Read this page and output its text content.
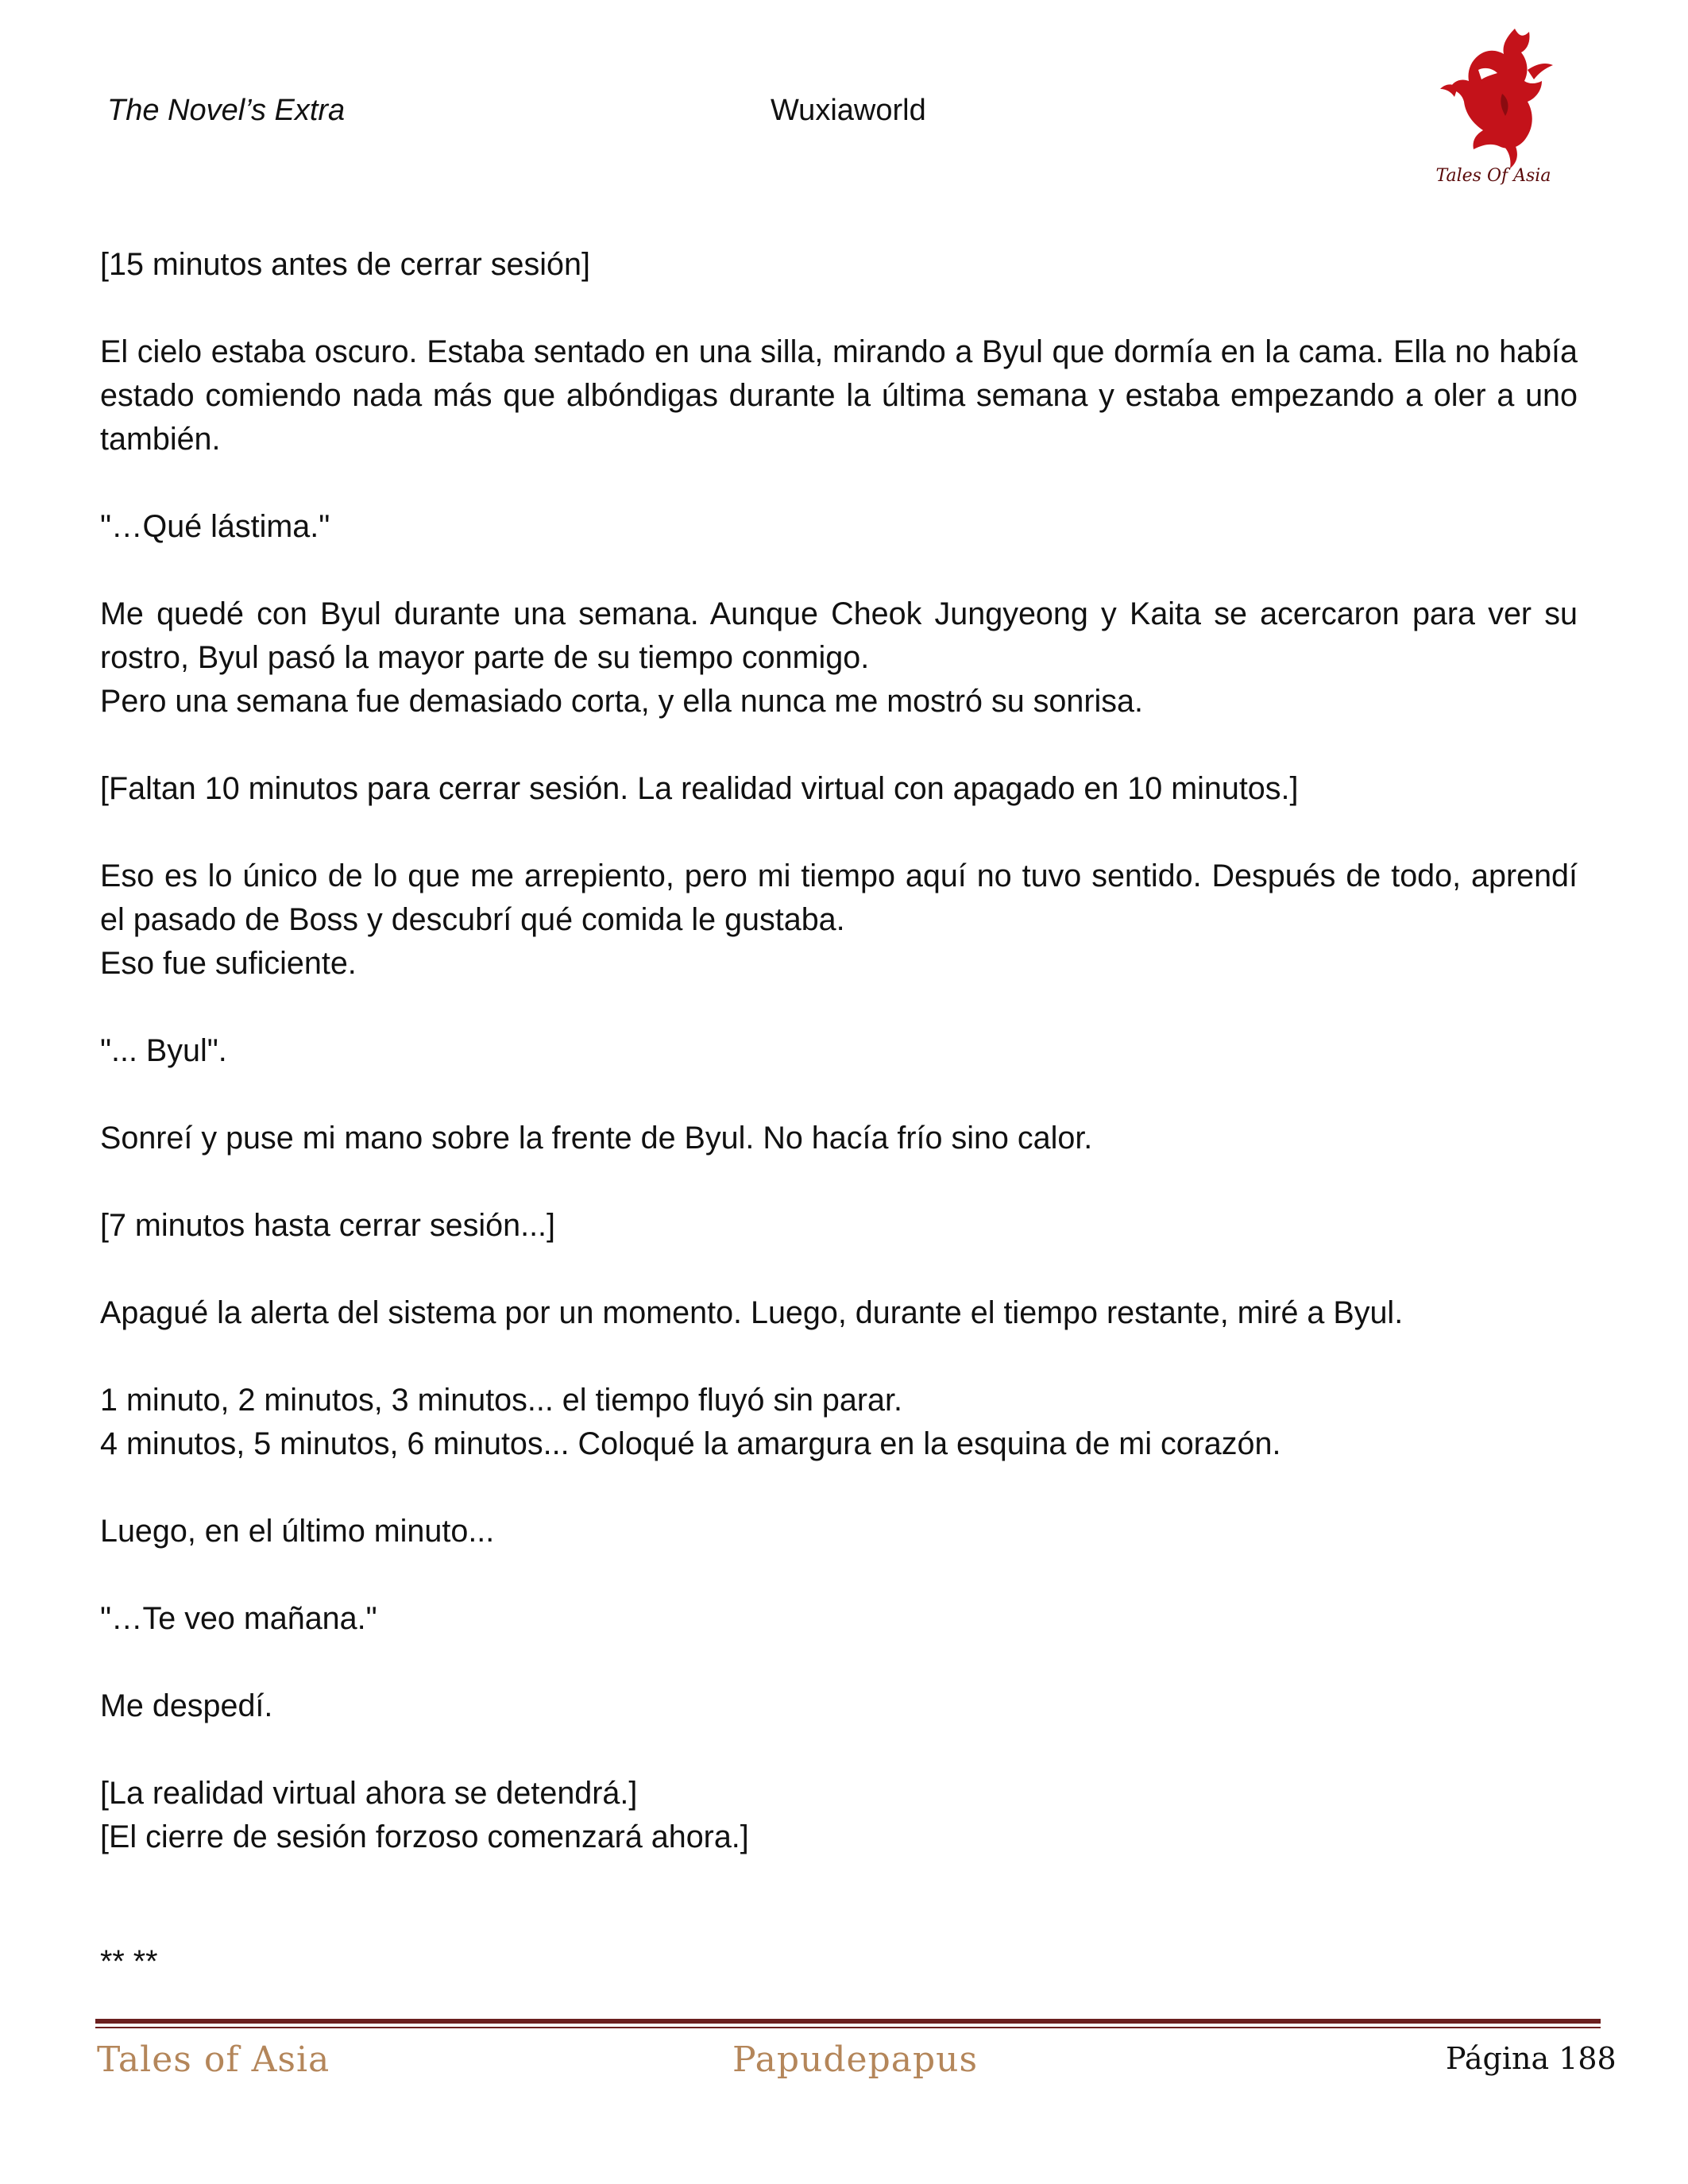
The Novel’s Extra	Wuxiaworld
Tales Of Asia
[15 minutos antes de cerrar sesión]
El cielo estaba oscuro. Estaba sentado en una silla, mirando a Byul que dormía en la cama. Ella no había estado comiendo nada más que albóndigas durante la última semana y estaba empezando a oler a uno también.
"…Qué lástima."
Me quedé con Byul durante una semana. Aunque Cheok Jungyeong y Kaita se acercaron para ver su rostro, Byul pasó la mayor parte de su tiempo conmigo.
Pero una semana fue demasiado corta, y ella nunca me mostró su sonrisa.
[Faltan 10 minutos para cerrar sesión. La realidad virtual con apagado en 10 minutos.]
Eso es lo único de lo que me arrepiento, pero mi tiempo aquí no tuvo sentido. Después de todo, aprendí el pasado de Boss y descubrí qué comida le gustaba.
Eso fue suficiente.
"... Byul".
Sonreí y puse mi mano sobre la frente de Byul. No hacía frío sino calor.
[7 minutos hasta cerrar sesión...]
Apagué la alerta del sistema por un momento. Luego, durante el tiempo restante, miré a Byul.
1 minuto, 2 minutos, 3 minutos... el tiempo fluyó sin parar.
4 minutos, 5 minutos, 6 minutos... Coloqué la amargura en la esquina de mi corazón.
Luego, en el último minuto...
"…Te veo mañana."
Me despedí.
[La realidad virtual ahora se detendrá.]
[El cierre de sesión forzoso comenzará ahora.]
** **
Tales of Asia	Papudepapus	Página 188
